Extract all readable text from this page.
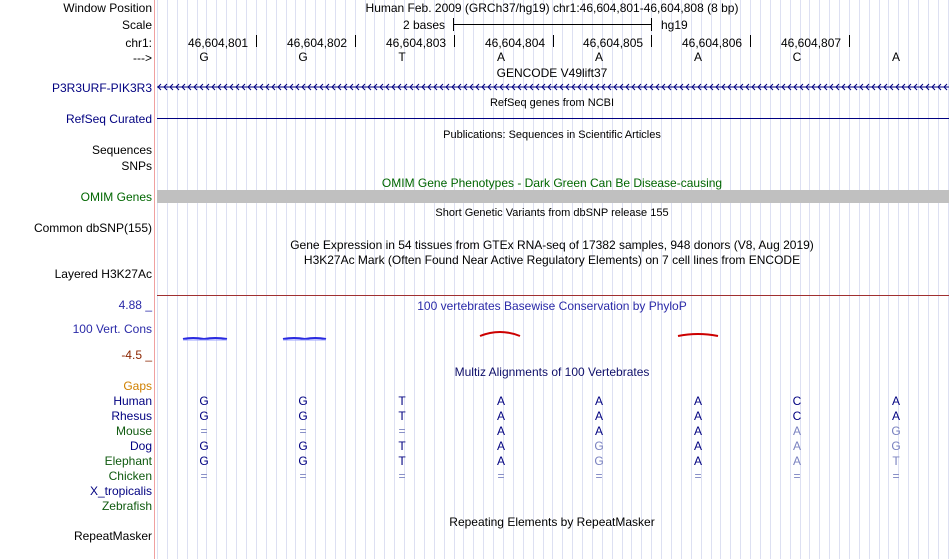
Window Position	Human Feb. 2009 (GRCh37/hg19) chr1:46,604,801-46,604,808 (8 bp)
Scale	2 bases	hg19
chr1:	46,604,801	46,604,802	46,604,803	46,604,804	46,604,805	46,604,806	46,604,807
--->	G	G	T	A	A	A	C	A
GENCODE V49lift37
P3R3URF-PIK3R3
RefSeq genes from NCBI
RefSeq Curated
Publications: Sequences in Scientific Articles
Sequences
SNPs
OMIM Gene Phenotypes - Dark Green Can Be Disease-causing
OMIM Genes
Short Genetic Variants from dbSNP release 155
Common dbSNP(155)
Gene Expression in 54 tissues from GTEx RNA-seq of 17382 samples, 948 donors (V8, Aug 2019)
H3K27Ac Mark (Often Found Near Active Regulatory Elements) on 7 cell lines from ENCODE
Layered H3K27Ac
4.88 _	100 vertebrates Basewise Conservation by PhyloP
100 Vert. Cons
-4.5 _
Multiz Alignments of 100 Vertebrates
Gaps
Human	G	G	T	A	A	A	C	A
Rhesus	G	G	T	A	A	A	C	A
Mouse	=	=	=	A	A	A	A	G
Dog	G	G	T	A	G	A	A	G
Elephant	G	G	T	A	G	A	A	T
Chicken	=	=	=	=	=	=	=	=
X_tropicalis
Zebrafish
Repeating Elements by RepeatMasker
RepeatMasker
